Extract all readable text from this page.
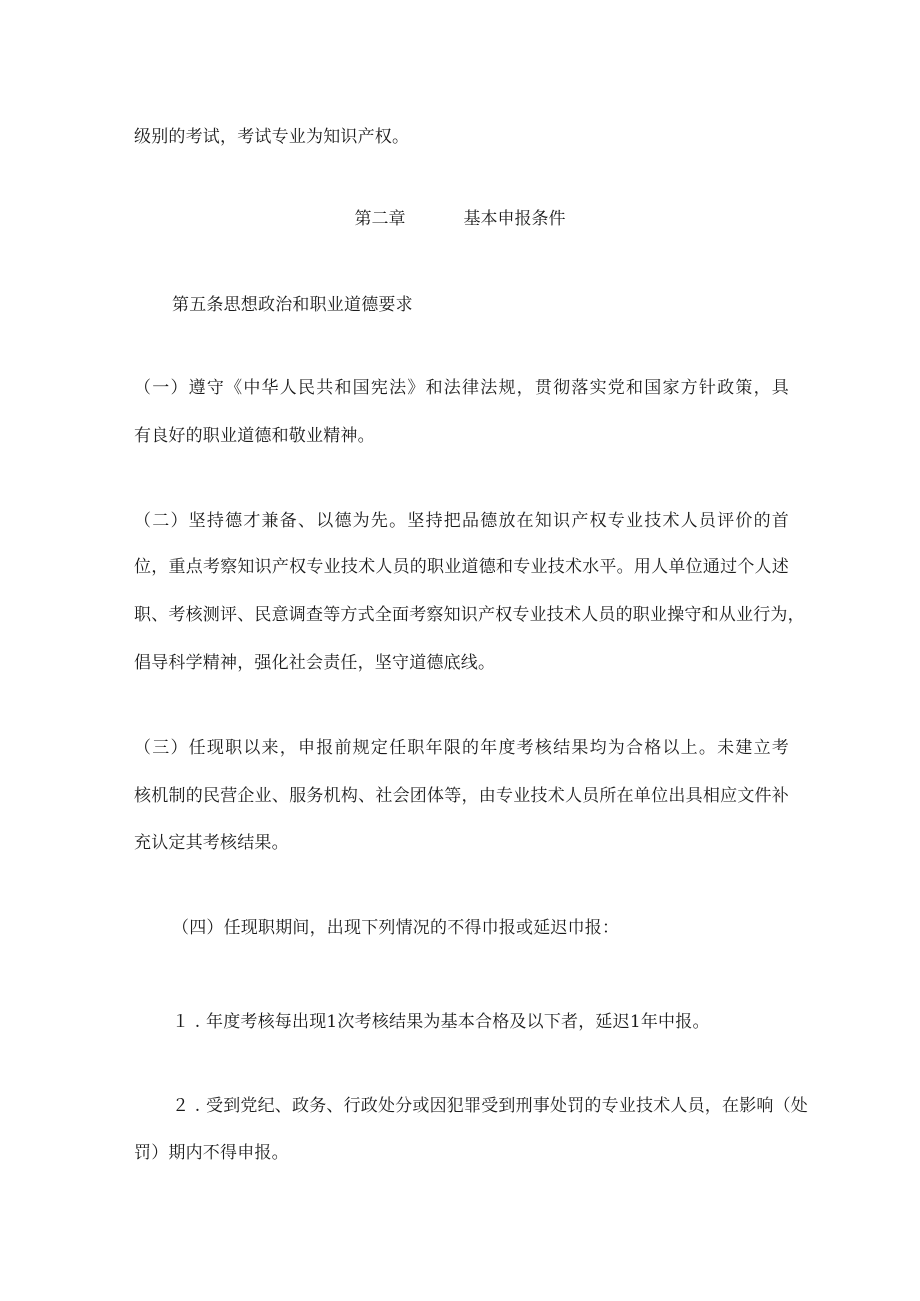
级别的考试，考试专业为知识产权。
第二章	基本申报条件
第五条思想政治和职业道德要求
（一）遵守《中华人民共和国宪法》和法律法规，贯彻落实党和国家方针政策，具
有良好的职业道德和敬业精神。
（二）坚持德才兼备、以德为先。坚持把品德放在知识产权专业技术人员评价的首
位，重点考察知识产权专业技术人员的职业道德和专业技术水平。用人单位通过个人述
职、考核测评、民意调查等方式全面考察知识产权专业技术人员的职业操守和从业行为，
倡导科学精神，强化社会责任，坚守道德底线。
（三）任现职以来，申报前规定任职年限的年度考核结果均为合格以上。未建立考
核机制的民营企业、服务机构、社会团体等，由专业技术人员所在单位出具相应文件补
充认定其考核结果。
（四）任现职期间，出现下列情况的不得巾报或延迟巾报：
１ . 年度考核每出现1次考核结果为基本合格及以下者，延迟1年中报。
２ . 受到党纪、政务、行政处分或因犯罪受到刑事处罚的专业技术人员，在影响（处
罚）期内不得申报。
